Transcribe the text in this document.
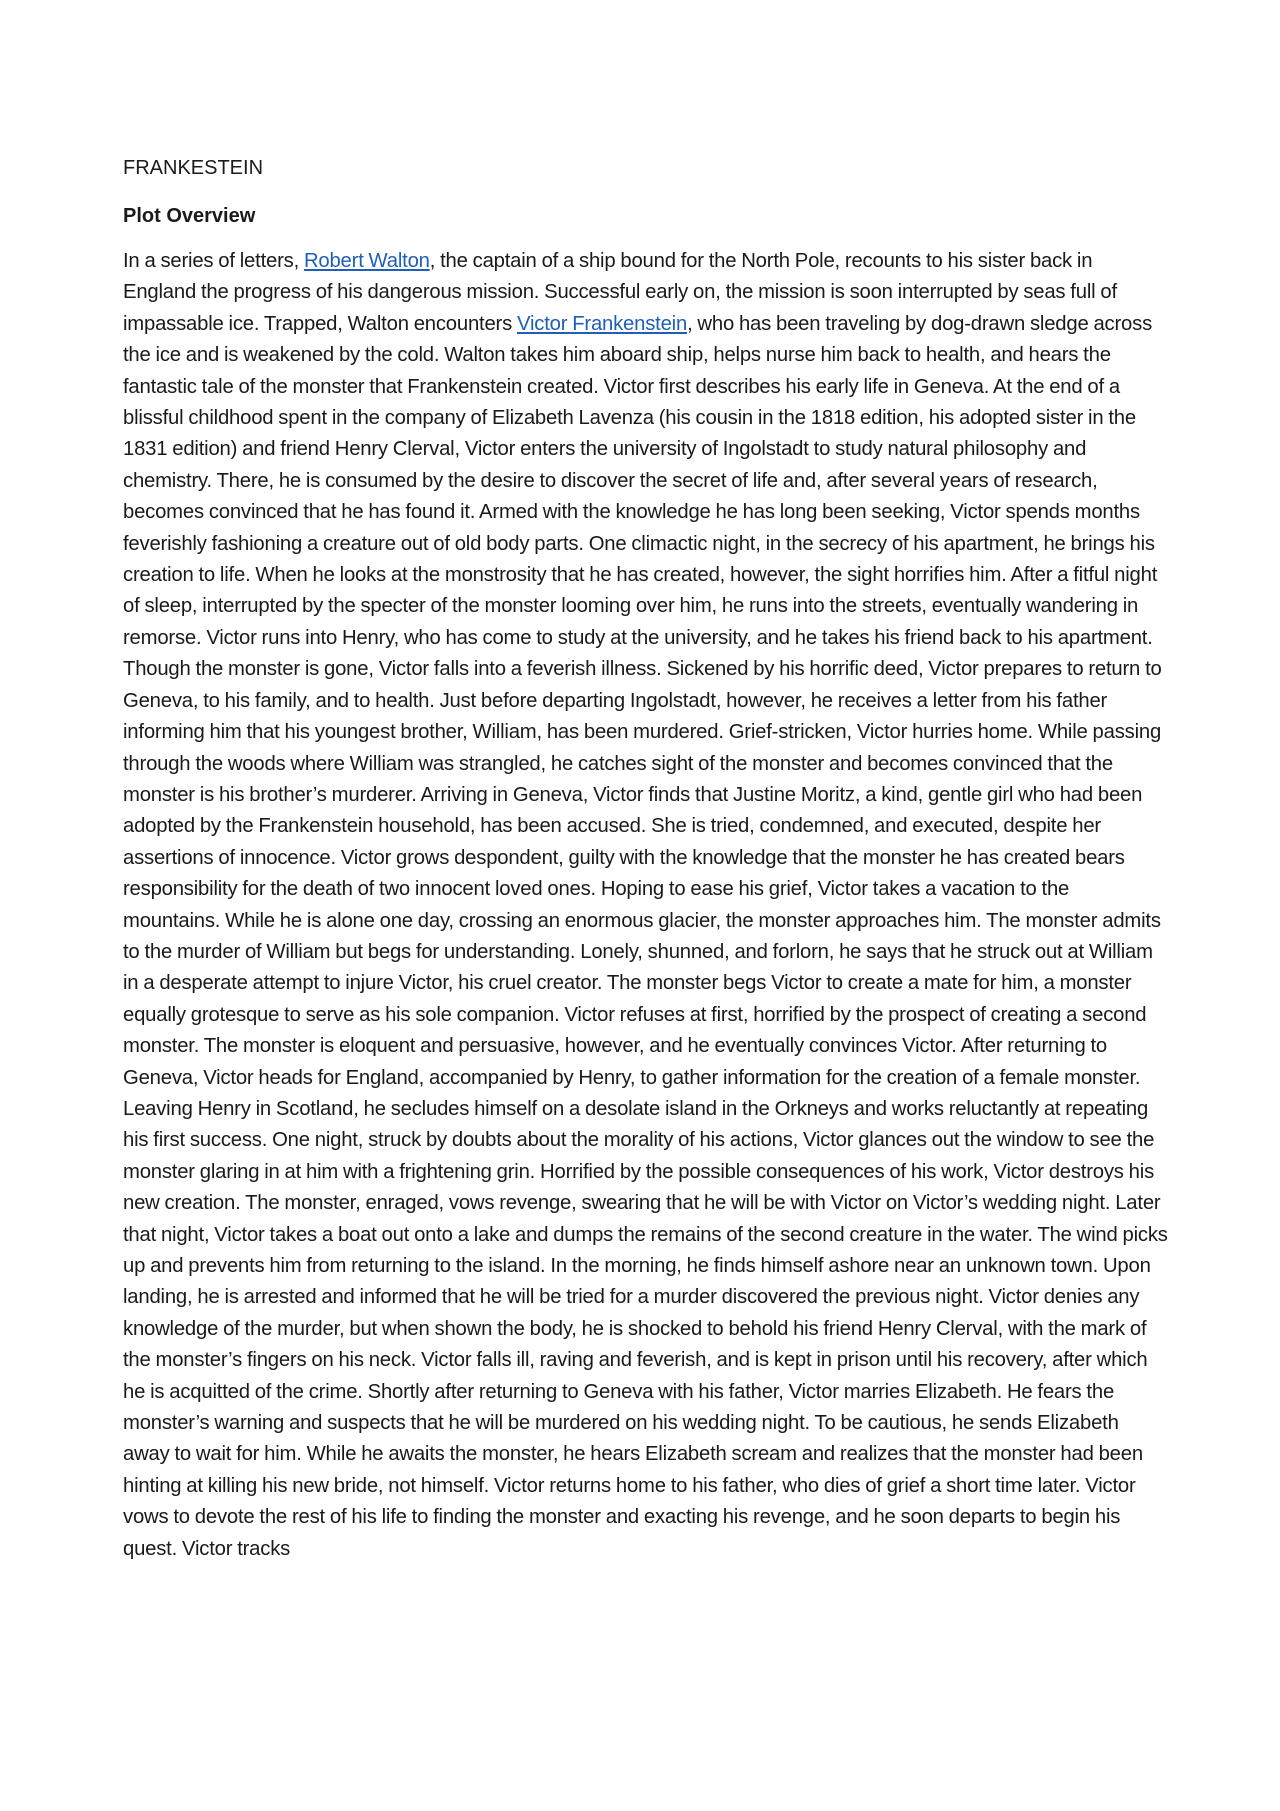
FRANKESTEIN

Plot Overview

In a series of letters, Robert Walton, the captain of a ship bound for the North Pole, recounts to his sister back in England the progress of his dangerous mission. Successful early on, the mission is soon interrupted by seas full of impassable ice. Trapped, Walton encounters Victor Frankenstein, who has been traveling by dog-drawn sledge across the ice and is weakened by the cold. Walton takes him aboard ship, helps nurse him back to health, and hears the fantastic tale of the monster that Frankenstein created. Victor first describes his early life in Geneva. At the end of a blissful childhood spent in the company of Elizabeth Lavenza (his cousin in the 1818 edition, his adopted sister in the 1831 edition) and friend Henry Clerval, Victor enters the university of Ingolstadt to study natural philosophy and chemistry. There, he is consumed by the desire to discover the secret of life and, after several years of research, becomes convinced that he has found it. Armed with the knowledge he has long been seeking, Victor spends months feverishly fashioning a creature out of old body parts. One climactic night, in the secrecy of his apartment, he brings his creation to life. When he looks at the monstrosity that he has created, however, the sight horrifies him. After a fitful night of sleep, interrupted by the specter of the monster looming over him, he runs into the streets, eventually wandering in remorse. Victor runs into Henry, who has come to study at the university, and he takes his friend back to his apartment. Though the monster is gone, Victor falls into a feverish illness. Sickened by his horrific deed, Victor prepares to return to Geneva, to his family, and to health. Just before departing Ingolstadt, however, he receives a letter from his father informing him that his youngest brother, William, has been murdered. Grief-stricken, Victor hurries home. While passing through the woods where William was strangled, he catches sight of the monster and becomes convinced that the monster is his brother’s murderer. Arriving in Geneva, Victor finds that Justine Moritz, a kind, gentle girl who had been adopted by the Frankenstein household, has been accused. She is tried, condemned, and executed, despite her assertions of innocence. Victor grows despondent, guilty with the knowledge that the monster he has created bears responsibility for the death of two innocent loved ones. Hoping to ease his grief, Victor takes a vacation to the mountains. While he is alone one day, crossing an enormous glacier, the monster approaches him. The monster admits to the murder of William but begs for understanding. Lonely, shunned, and forlorn, he says that he struck out at William in a desperate attempt to injure Victor, his cruel creator. The monster begs Victor to create a mate for him, a monster equally grotesque to serve as his sole companion. Victor refuses at first, horrified by the prospect of creating a second monster. The monster is eloquent and persuasive, however, and he eventually convinces Victor. After returning to Geneva, Victor heads for England, accompanied by Henry, to gather information for the creation of a female monster. Leaving Henry in Scotland, he secludes himself on a desolate island in the Orkneys and works reluctantly at repeating his first success. One night, struck by doubts about the morality of his actions, Victor glances out the window to see the monster glaring in at him with a frightening grin. Horrified by the possible consequences of his work, Victor destroys his new creation. The monster, enraged, vows revenge, swearing that he will be with Victor on Victor’s wedding night. Later that night, Victor takes a boat out onto a lake and dumps the remains of the second creature in the water. The wind picks up and prevents him from returning to the island. In the morning, he finds himself ashore near an unknown town. Upon landing, he is arrested and informed that he will be tried for a murder discovered the previous night. Victor denies any knowledge of the murder, but when shown the body, he is shocked to behold his friend Henry Clerval, with the mark of the monster’s fingers on his neck. Victor falls ill, raving and feverish, and is kept in prison until his recovery, after which he is acquitted of the crime. Shortly after returning to Geneva with his father, Victor marries Elizabeth. He fears the monster’s warning and suspects that he will be murdered on his wedding night. To be cautious, he sends Elizabeth away to wait for him. While he awaits the monster, he hears Elizabeth scream and realizes that the monster had been hinting at killing his new bride, not himself. Victor returns home to his father, who dies of grief a short time later. Victor vows to devote the rest of his life to finding the monster and exacting his revenge, and he soon departs to begin his quest. Victor tracks
